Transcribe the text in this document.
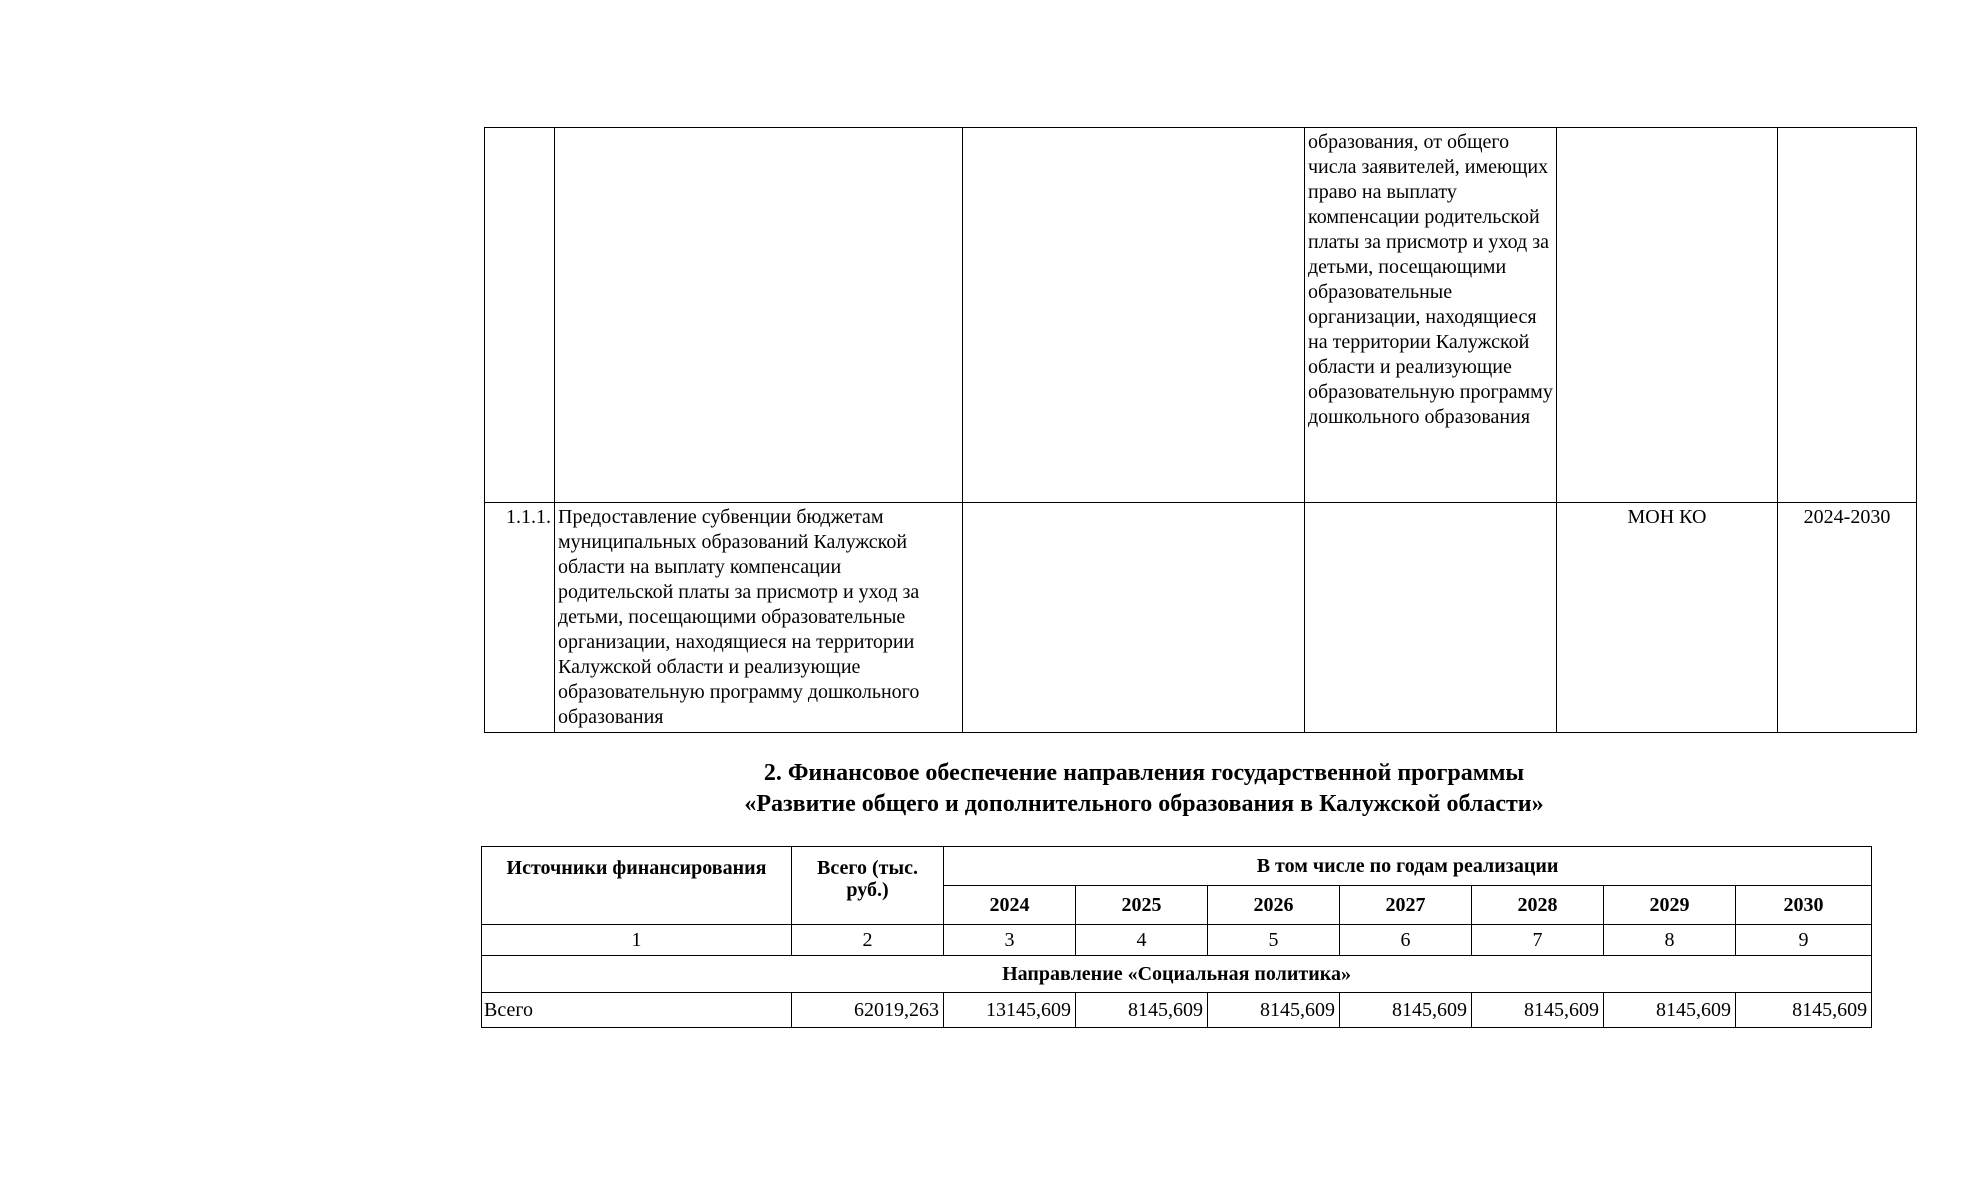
			образования, от общего числа заявителей, имеющих право на выплату компенсации родительской платы за присмотр и уход за детьми, посещающими образовательные организации, находящиеся на территории Калужской области и реализующие образовательную программу дошкольного образования		
1.1.1.	Предоставление субвенции бюджетам муниципальных образований Калужской области на выплату компенсации родительской платы за присмотр и уход за детьми, посещающими образовательные организации, находящиеся на территории Калужской области и реализующие образовательную программу дошкольного образования			МОН КО	2024-2030
2. Финансовое обеспечение направления государственной программы
«Развитие общего и дополнительного образования в Калужской области»
Источники финансирования	Всего (тыс. руб.)	В том числе по годам реализации						
		2024	2025	2026	2027	2028	2029	2030
1	2	3	4	5	6	7	8	9
Направление «Социальная политика»								
Всего	62019,263	13145,609	8145,609	8145,609	8145,609	8145,609	8145,609	8145,609
